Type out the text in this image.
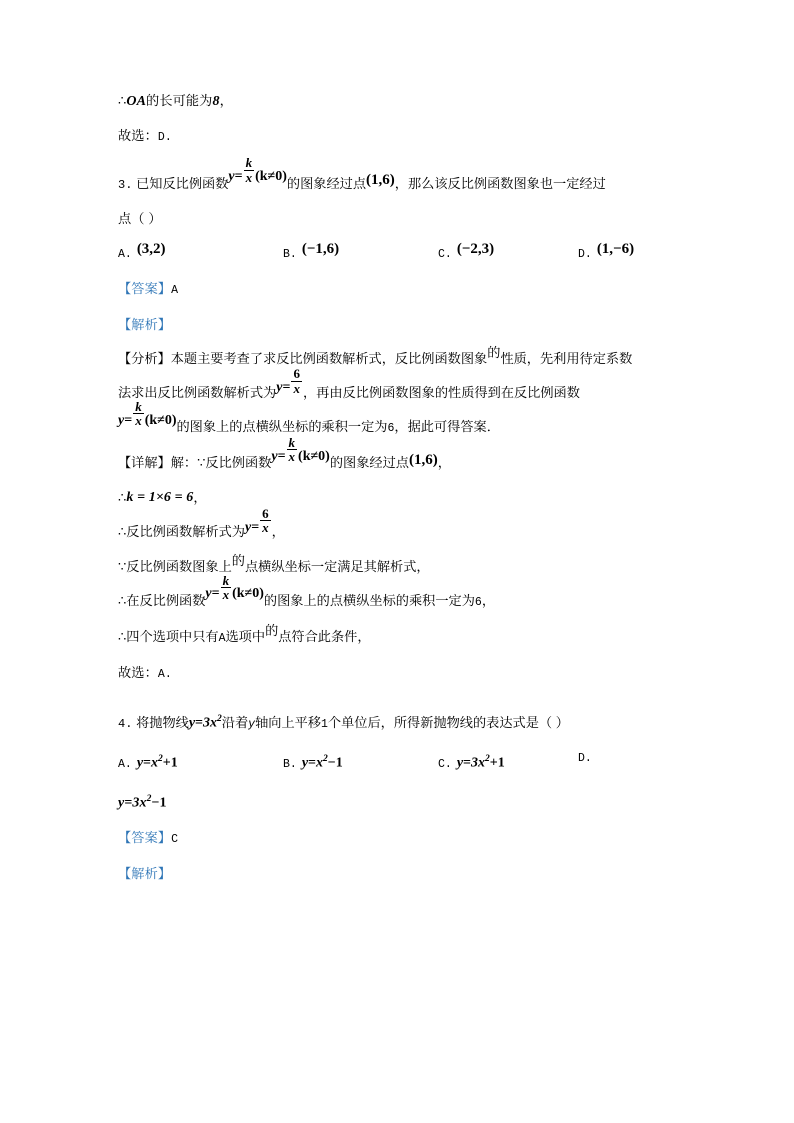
∴OA的长可能为8，
故选：D.
3. 已知反比例函数$y= \frac{k}{x} (k\ne 0)$的图象经过点(1,6)，那么该反比例函数图象也一定经过
点（ ）
A. (3,2)	B. (−1,6)	C. (−2,3)	D. (1,−6)
【答案】A
【解析】
【分析】本题主要考查了求反比例函数解析式，反比例函数图象的性质，先利用待定系数
法求出反比例函数解析式为$y= \frac{6}{x}$ ，再由反比例函数图象的性质得到在反比例函数
$y= \frac{k}{x} (k\ne 0)$的图象上的点横纵坐标的乘积一定为6，据此可得答案．
【详解】解：∵反比例函数$y= \frac{k}{x} (k\ne 0)$的图象经过点(1,6)，
∴k = 1×6 = 6，
∴反比例函数解析式为$y= \frac{6}{x}$ ，
∵反比例函数图象上的点横纵坐标一定满足其解析式，
∴在反比例函数$y= \frac{k}{x} (k\ne 0)$的图象上的点横纵坐标的乘积一定为6，
∴四个选项中只有A选项中的点符合此条件，
故选：A.
4. 将抛物线$y=3x^2$沿着y轴向上平移1个单位后，所得新抛物线的表达式是（ ）
A. $y=x^2+1$	B. $y=x^2-1$	C. $y=3x^2+1$	D.
$y=3x^2-1$
【答案】C
【解析】
